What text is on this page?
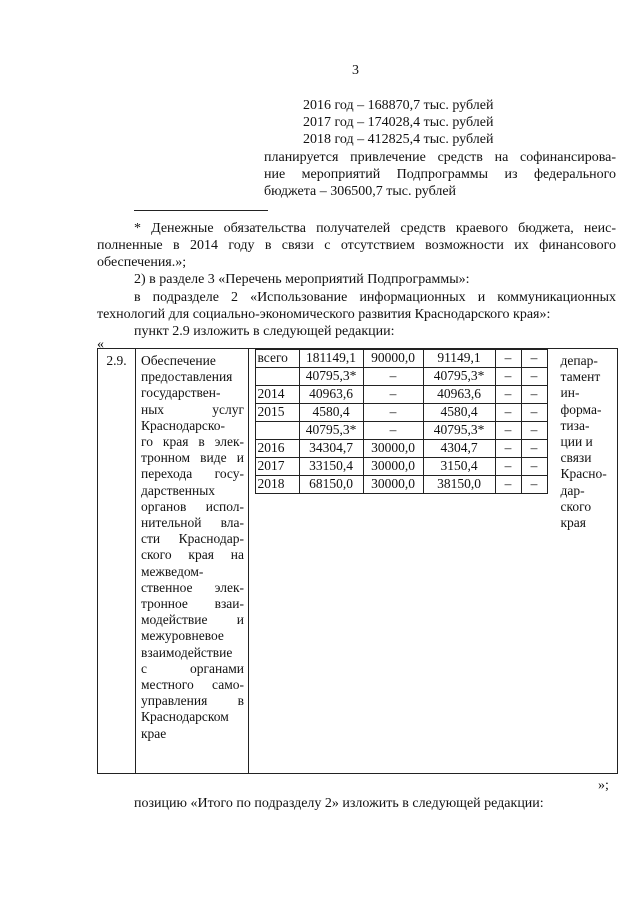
3
2016 год – 168870,7 тыс. рублей
2017 год – 174028,4 тыс. рублей
2018 год – 412825,4 тыс. рублей
планируется привлечение средств на софинансирова-
ние мероприятий Подпрограммы из федерального
бюджета – 306500,7 тыс. рублей
* Денежные обязательства получателей средств краевого бюджета, неис-
полненные в 2014 году в связи с отсутствием возможности их финансового
обеспечения.»;
2) в разделе 3 «Перечень мероприятий Подпрограммы»:
в подразделе 2 «Использование информационных и коммуникационных
технологий для социально-экономического развития Краснодарского края»:
пункт 2.9 изложить в следующей редакции:
«
2.9.	Обеспечение
предоставления
государствен-
ных услуг
Краснодарско-
го края в элек-
тронном виде и
перехода госу-
дарственных
органов испол-
нительной вла-
сти Краснодар-
ского края на
межведом-
ственное элек-
тронное взаи-
модействие и
межуровневое
взаимодействие
с органами
местного само-
управления в
Краснодарском
крае

всего	181149,1	90000,0	91149,1	–	–
	40795,3*	–	40795,3*	–	–
2014	40963,6	–	40963,6	–	–
2015	4580,4	–	4580,4	–	–
	40795,3*	–	40795,3*	–	–
2016	34304,7	30000,0	4304,7	–	–
2017	33150,4	30000,0	3150,4	–	–
2018	68150,0	30000,0	38150,0	–	–

депар-
тамент
ин-
форма-
тиза-
ции и
связи
Красно-
дар-
ского
края
»;
позицию «Итого по подразделу 2» изложить в следующей редакции:
